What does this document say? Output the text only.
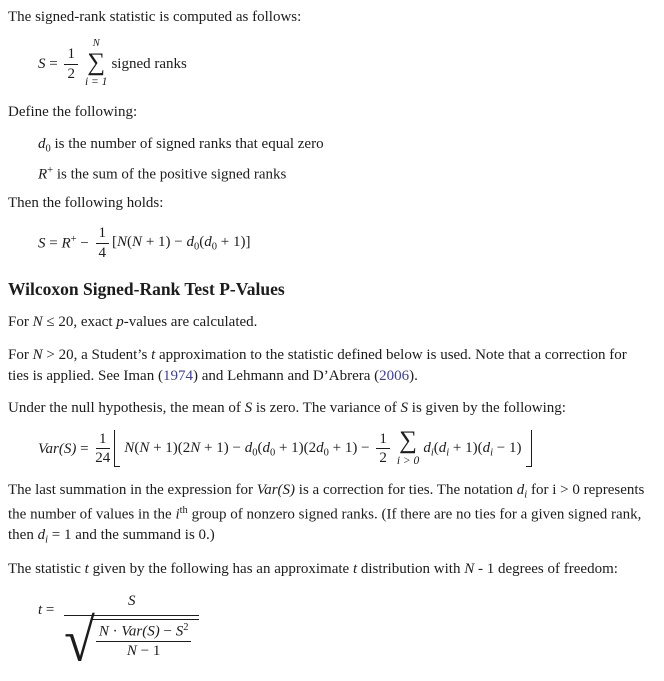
The signed-rank statistic is computed as follows:

$S = \frac{1}{2}$
N
∑
i = 1
signed ranks

Define the following:

$d_0$ is the number of signed ranks that equal zero

R+ is the sum of the positive signed ranks

Then the following holds:

$S = R^+ - \frac{1}{4} [N(N + 1) - d_0(d_0 + 1)]$
Wilcoxon Signed-Rank Test P-Values

For N ≤ 20, exact p-values are calculated.

For N > 20, a Student’s t approximation to the statistic defined below is used. Note that a correction for ties is applied. See Iman (1974) and Lehmann and D’Abrera (2006).

Under the null hypothesis, the mean of S is zero. The variance of S is given by the following:

$Var(S) = \frac{1}{24} N(N + 1)(2N + 1) - d_0(d_0 + 1)(2d_0 + 1) - \frac{1}{2}$ ∑
i > 0
$d_i(d_i + 1)(d_i - 1)$

The last summation in the expression for Var(S) is a correction for ties. The notation $d_i$ for i > 0 represents the number of values in the $i^{th}$ group of nonzero signed ranks. (If there are no ties for a given signed rank, then $d_i = 1$ and the summand is 0.)

The statistic t given by the following has an approximate t distribution with N - 1 degrees of freedom:

t =
S
√ $\frac{N \cdot Var(S) - S^2}{N - 1}$
